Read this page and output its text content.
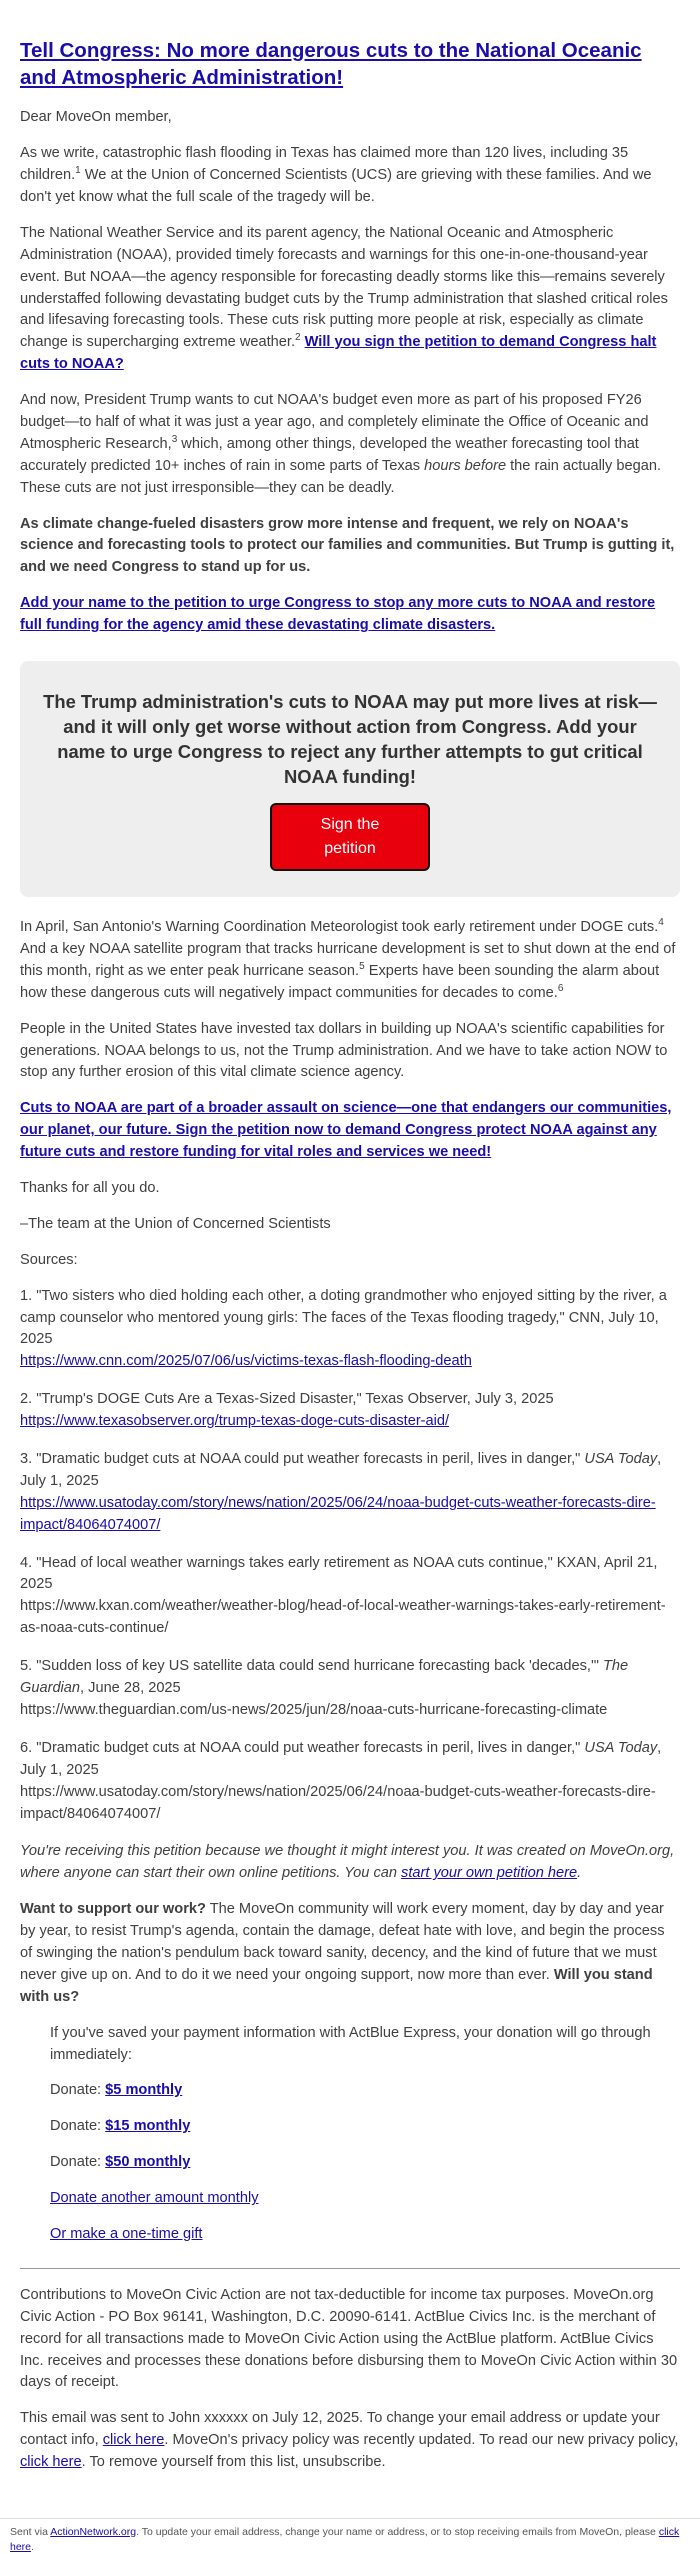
Tell Congress: No more dangerous cuts to the National Oceanic and Atmospheric Administration!

Dear MoveOn member,

As we write, catastrophic flash flooding in Texas has claimed more than 120 lives, including 35 children.$^1$ We at the Union of Concerned Scientists (UCS) are grieving with these families. And we don't yet know what the full scale of the tragedy will be.

The National Weather Service and its parent agency, the National Oceanic and Atmospheric Administration (NOAA), provided timely forecasts and warnings for this one-in-one-thousand-year event. But NOAA—the agency responsible for forecasting deadly storms like this—remains severely understaffed following devastating budget cuts by the Trump administration that slashed critical roles and lifesaving forecasting tools. These cuts risk putting more people at risk, especially as climate change is supercharging extreme weather.$^2$ Will you sign the petition to demand Congress halt cuts to NOAA?

And now, President Trump wants to cut NOAA's budget even more as part of his proposed FY26 budget—to half of what it was just a year ago, and completely eliminate the Office of Oceanic and Atmospheric Research,$^3$ which, among other things, developed the weather forecasting tool that accurately predicted 10+ inches of rain in some parts of Texas hours before the rain actually began. These cuts are not just irresponsible—they can be deadly.

As climate change-fueled disasters grow more intense and frequent, we rely on NOAA's science and forecasting tools to protect our families and communities. But Trump is gutting it, and we need Congress to stand up for us.

Add your name to the petition to urge Congress to stop any more cuts to NOAA and restore full funding for the agency amid these devastating climate disasters.

The Trump administration's cuts to NOAA may put more lives at risk—and it will only get worse without action from Congress. Add your name to urge Congress to reject any further attempts to gut critical NOAA funding!

Sign the petition

In April, San Antonio's Warning Coordination Meteorologist took early retirement under DOGE cuts.$^4$ And a key NOAA satellite program that tracks hurricane development is set to shut down at the end of this month, right as we enter peak hurricane season.$^5$ Experts have been sounding the alarm about how these dangerous cuts will negatively impact communities for decades to come.$^6$

People in the United States have invested tax dollars in building up NOAA's scientific capabilities for generations. NOAA belongs to us, not the Trump administration. And we have to take action NOW to stop any further erosion of this vital climate science agency.

Cuts to NOAA are part of a broader assault on science—one that endangers our communities, our planet, our future. Sign the petition now to demand Congress protect NOAA against any future cuts and restore funding for vital roles and services we need!

Thanks for all you do.

–The team at the Union of Concerned Scientists

Sources:

1. "Two sisters who died holding each other, a doting grandmother who enjoyed sitting by the river, a camp counselor who mentored young girls: The faces of the Texas flooding tragedy," CNN, July 10, 2025
https://www.cnn.com/2025/07/06/us/victims-texas-flash-flooding-death

2. "Trump's DOGE Cuts Are a Texas-Sized Disaster," Texas Observer, July 3, 2025
https://www.texasobserver.org/trump-texas-doge-cuts-disaster-aid/

3. "Dramatic budget cuts at NOAA could put weather forecasts in peril, lives in danger," USA Today, July 1, 2025
https://www.usatoday.com/story/news/nation/2025/06/24/noaa-budget-cuts-weather-forecasts-dire-impact/84064074007/

4. "Head of local weather warnings takes early retirement as NOAA cuts continue," KXAN, April 21, 2025
https://www.kxan.com/weather/weather-blog/head-of-local-weather-warnings-takes-early-retirement-as-noaa-cuts-continue/

5. "Sudden loss of key US satellite data could send hurricane forecasting back 'decades,'" The Guardian, June 28, 2025
https://www.theguardian.com/us-news/2025/jun/28/noaa-cuts-hurricane-forecasting-climate

6. "Dramatic budget cuts at NOAA could put weather forecasts in peril, lives in danger," USA Today, July 1, 2025
https://www.usatoday.com/story/news/nation/2025/06/24/noaa-budget-cuts-weather-forecasts-dire-impact/84064074007/

You're receiving this petition because we thought it might interest you. It was created on MoveOn.org, where anyone can start their own online petitions. You can start your own petition here.

Want to support our work? The MoveOn community will work every moment, day by day and year by year, to resist Trump's agenda, contain the damage, defeat hate with love, and begin the process of swinging the nation's pendulum back toward sanity, decency, and the kind of future that we must never give up on. And to do it we need your ongoing support, now more than ever. Will you stand with us?

If you've saved your payment information with ActBlue Express, your donation will go through immediately:

Donate: $5 monthly

Donate: $15 monthly

Donate: $50 monthly

Donate another amount monthly

Or make a one-time gift

Contributions to MoveOn Civic Action are not tax-deductible for income tax purposes. MoveOn.org Civic Action - PO Box 96141, Washington, D.C. 20090-6141. ActBlue Civics Inc. is the merchant of record for all transactions made to MoveOn Civic Action using the ActBlue platform. ActBlue Civics Inc. receives and processes these donations before disbursing them to MoveOn Civic Action within 30 days of receipt.

This email was sent to John xxxxxx on July 12, 2025. To change your email address or update your contact info, click here. MoveOn's privacy policy was recently updated. To read our new privacy policy, click here. To remove yourself from this list, unsubscribe.

Sent via ActionNetwork.org. To update your email address, change your name or address, or to stop receiving emails from MoveOn, please click here.
